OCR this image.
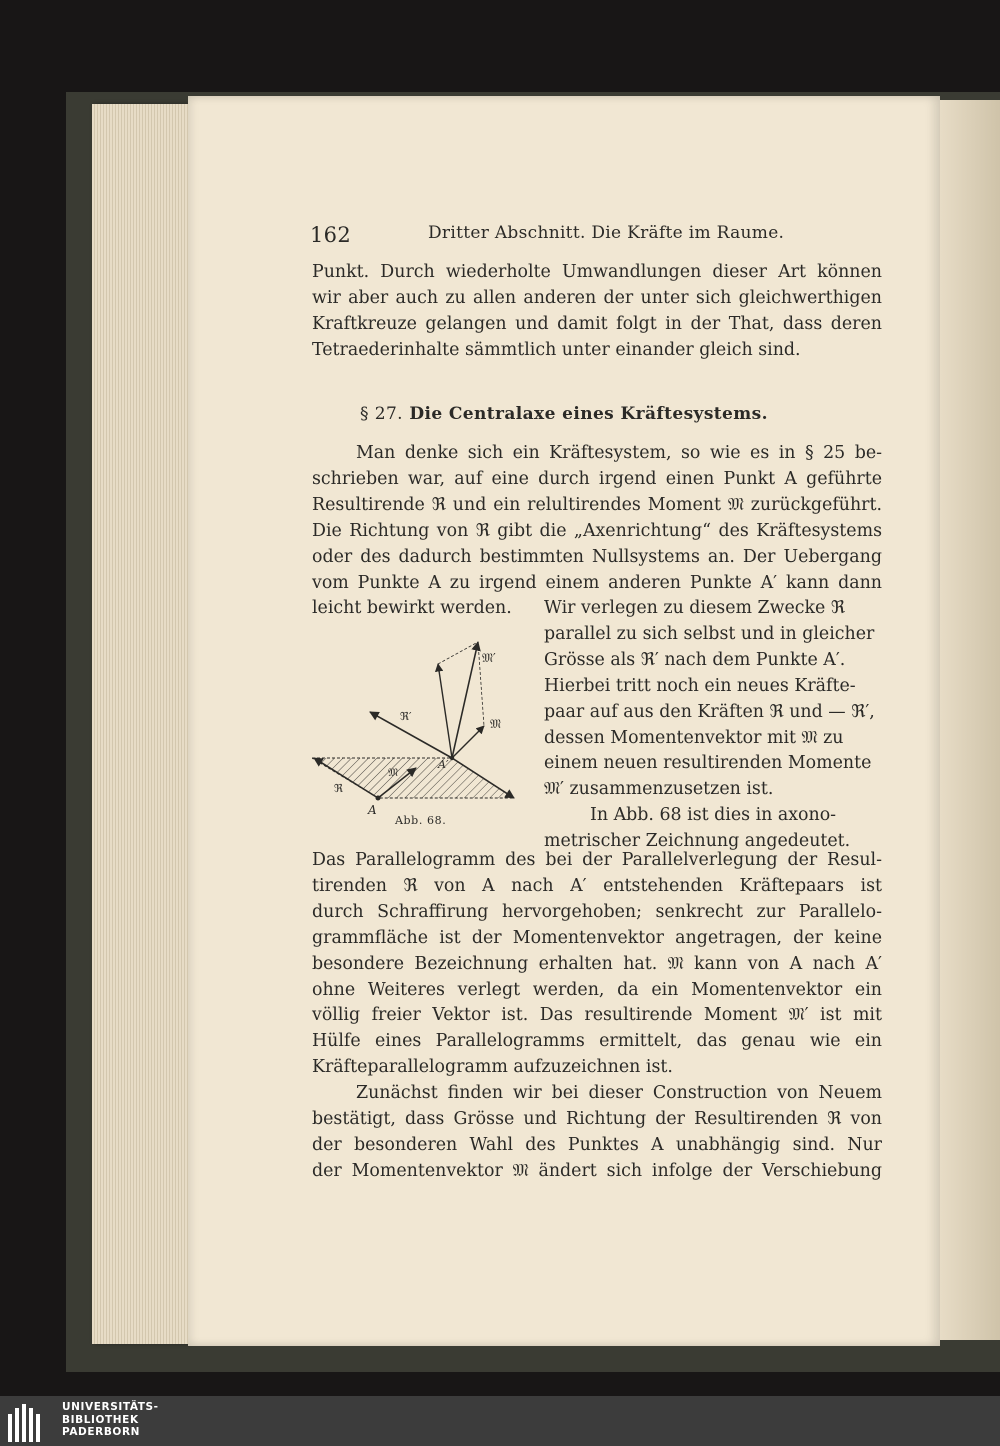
162	Dritter Abschnitt. Die Kräfte im Raume.

Punkt. Durch wiederholte Umwandlungen dieser Art können

wir aber auch zu allen anderen der unter sich gleichwerthigen

Kraftkreuze gelangen und damit folgt in der That, dass deren

Tetraederinhalte sämmtlich unter einander gleich sind.

§ 27. Die Centralaxe eines Kräftesystems.

Man denke sich ein Kräftesystem, so wie es in § 25 be-

schrieben war, auf eine durch irgend einen Punkt A geführte

Resultirende ℜ und ein relultirendes Moment 𝔐 zurückgeführt.

Die Richtung von ℜ gibt die „Axenrichtung“ des Kräftesystems

oder des dadurch bestimmten Nullsystems an. Der Uebergang

vom Punkte A zu irgend einem anderen Punkte A′ kann dann

leicht bewirkt werden.	Wir verlegen zu diesem Zwecke ℜ

parallel zu sich selbst und in gleicher

Grösse als ℜ′ nach dem Punkte A′.

Hierbei tritt noch ein neues Kräfte-

paar auf aus den Kräften ℜ und — ℜ′,

dessen Momentenvektor mit 𝔐 zu

einem neuen resultirenden Momente

𝔐′ zusammenzusetzen ist.

In Abb. 68 ist dies in axono-

metrischer Zeichnung angedeutet.

𝔐′
ℜ′
𝔐
𝔐
A′
ℜ
A
Abb. 68.

Das Parallelogramm des bei der Parallelverlegung der Resul-

tirenden ℜ von A nach A′ entstehenden Kräftepaars ist

durch Schraffirung hervorgehoben; senkrecht zur Parallelo-

grammfläche ist der Momentenvektor angetragen, der keine

besondere Bezeichnung erhalten hat. 𝔐 kann von A nach A′

ohne Weiteres verlegt werden, da ein Momentenvektor ein

völlig freier Vektor ist. Das resultirende Moment 𝔐′ ist mit

Hülfe eines Parallelogramms ermittelt, das genau wie ein

Kräfteparallelogramm aufzuzeichnen ist.

Zunächst finden wir bei dieser Construction von Neuem

bestätigt, dass Grösse und Richtung der Resultirenden ℜ von

der besonderen Wahl des Punktes A unabhängig sind. Nur

der Momentenvektor 𝔐 ändert sich infolge der Verschiebung

UNIVERSITÄTS-
BIBLIOTHEK
PADERBORN
